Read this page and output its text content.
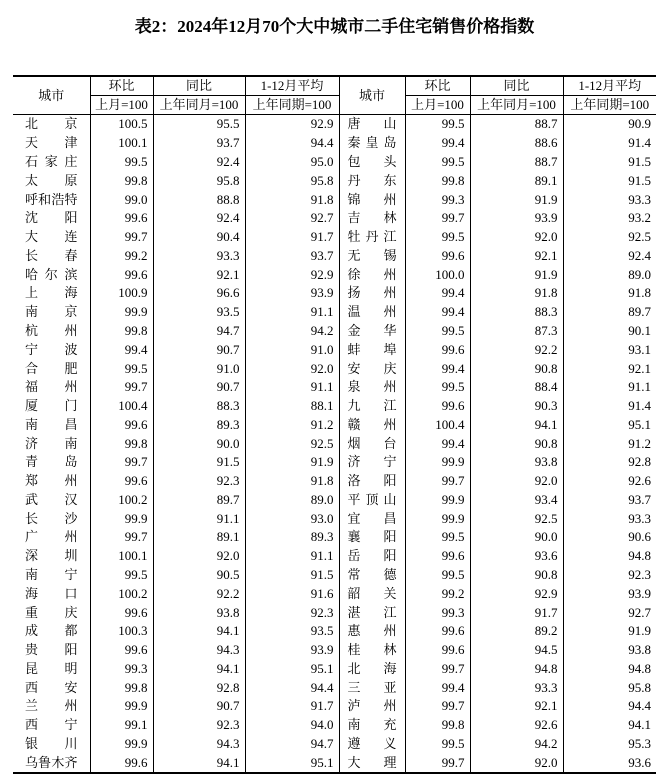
表2：2024年12月70个大中城市二手住宅销售价格指数
城市	环比	同比	1-12月平均	城市	环比	同比	1-12月平均
	上月=100	上年同月=100	上年同期=100		上月=100	上年同月=100	上年同期=100

北京	100.5	95.5	92.9	唐山	99.5	88.7	90.9

天津	100.1	93.7	94.4	秦皇岛	99.4	88.6	91.4

石家庄	99.5	92.4	95.0	包头	99.5	88.7	91.5

太原	99.8	95.8	95.8	丹东	99.8	89.1	91.5

呼和浩特	99.0	88.8	91.8	锦州	99.3	91.9	93.3

沈阳	99.6	92.4	92.7	吉林	99.7	93.9	93.2

大连	99.7	90.4	91.7	牡丹江	99.5	92.0	92.5

长春	99.2	93.3	93.7	无锡	99.6	92.1	92.4

哈尔滨	99.6	92.1	92.9	徐州	100.0	91.9	89.0

上海	100.9	96.6	93.9	扬州	99.4	91.8	91.8

南京	99.9	93.5	91.1	温州	99.4	88.3	89.7

杭州	99.8	94.7	94.2	金华	99.5	87.3	90.1

宁波	99.4	90.7	91.0	蚌埠	99.6	92.2	93.1

合肥	99.5	91.0	92.0	安庆	99.4	90.8	92.1

福州	99.7	90.7	91.1	泉州	99.5	88.4	91.1

厦门	100.4	88.3	88.1	九江	99.6	90.3	91.4

南昌	99.6	89.3	91.2	赣州	100.4	94.1	95.1

济南	99.8	90.0	92.5	烟台	99.4	90.8	91.2

青岛	99.7	91.5	91.9	济宁	99.9	93.8	92.8

郑州	99.6	92.3	91.8	洛阳	99.7	92.0	92.6

武汉	100.2	89.7	89.0	平顶山	99.9	93.4	93.7

长沙	99.9	91.1	93.0	宜昌	99.9	92.5	93.3

广州	99.7	89.1	89.3	襄阳	99.5	90.0	90.6

深圳	100.1	92.0	91.1	岳阳	99.6	93.6	94.8

南宁	99.5	90.5	91.5	常德	99.5	90.8	92.3

海口	100.2	92.2	91.6	韶关	99.2	92.9	93.9

重庆	99.6	93.8	92.3	湛江	99.3	91.7	92.7

成都	100.3	94.1	93.5	惠州	99.6	89.2	91.9

贵阳	99.6	94.3	93.9	桂林	99.6	94.5	93.8

昆明	99.3	94.1	95.1	北海	99.7	94.8	94.8

西安	99.8	92.8	94.4	三亚	99.4	93.3	95.8

兰州	99.9	90.7	91.7	泸州	99.7	92.1	94.4

西宁	99.1	92.3	94.0	南充	99.8	92.6	94.1

银川	99.9	94.3	94.7	遵义	99.5	94.2	95.3

乌鲁木齐	99.6	94.1	95.1	大理	99.7	92.0	93.6
